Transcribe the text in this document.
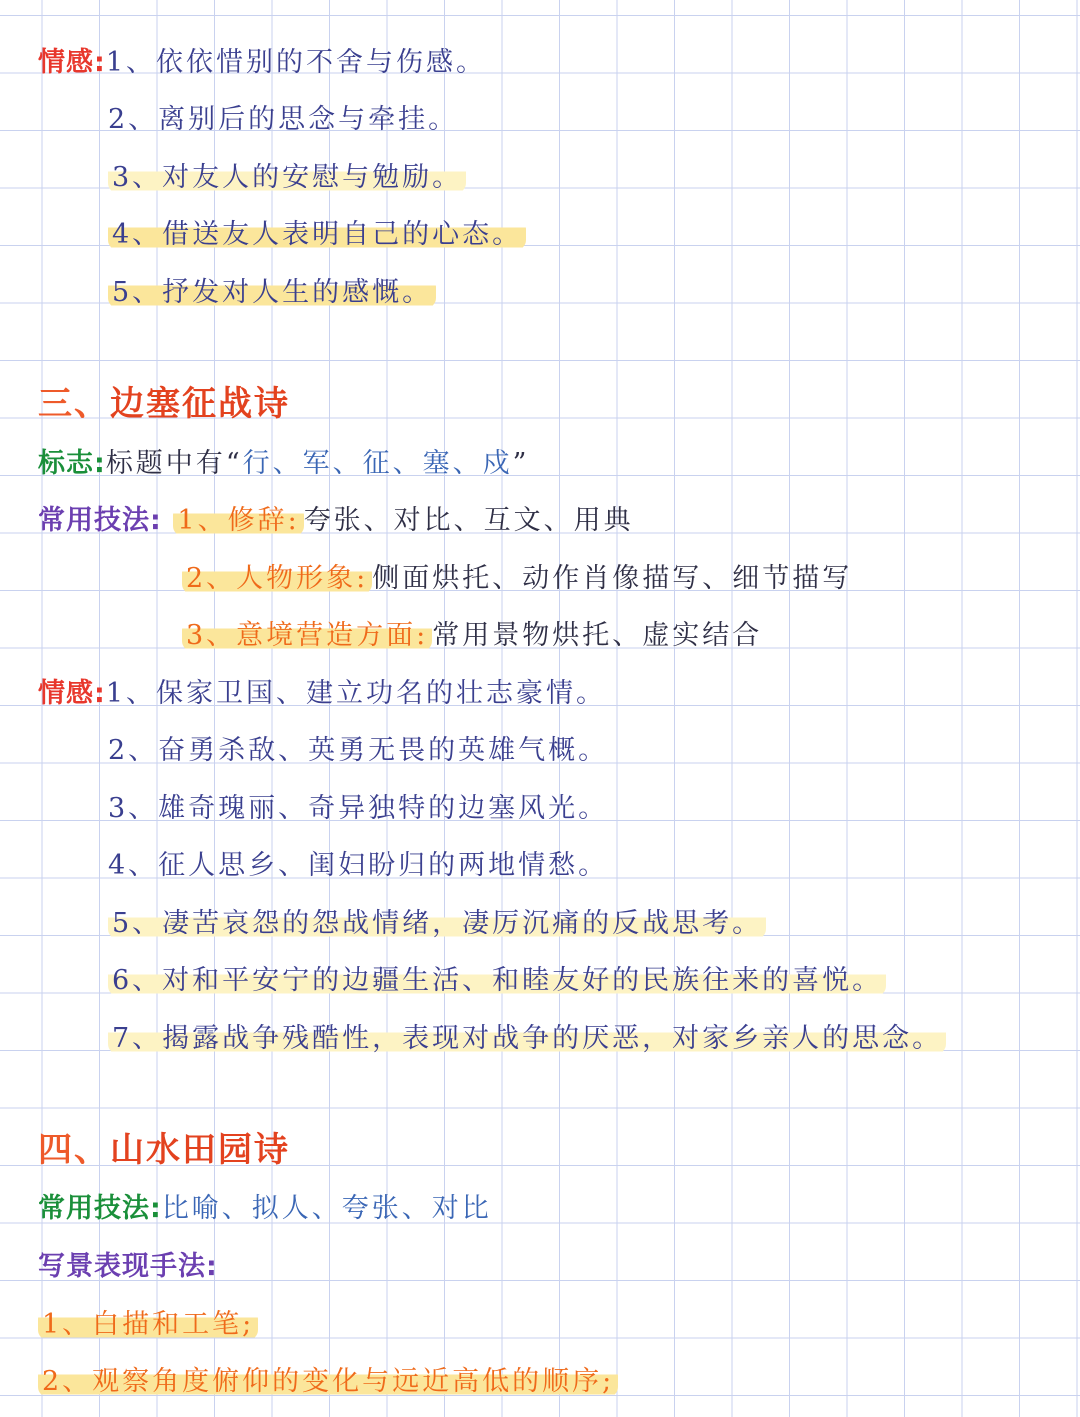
情感:1、依依惜别的不舍与伤感。
2、离别后的思念与牵挂。
3、对友人的安慰与勉励。
4、借送友人表明自己的心态。
5、抒发对人生的感慨。
三、边塞征战诗
标志:标题中有“行、军、征、塞、戍”
常用技法: 1、修辞: 夸张、对比、互文、用典
2、人物形象: 侧面烘托、动作肖像描写、细节描写
3、意境营造方面: 常用景物烘托、虚实结合
情感:1、保家卫国、建立功名的壮志豪情。
2、奋勇杀敌、英勇无畏的英雄气概。
3、雄奇瑰丽、奇异独特的边塞风光。
4、征人思乡、闺妇盼归的两地情愁。
5、凄苦哀怨的怨战情绪，凄厉沉痛的反战思考。
6、对和平安宁的边疆生活、和睦友好的民族往来的喜悦。
7、揭露战争残酷性，表现对战争的厌恶，对家乡亲人的思念。
四、山水田园诗
常用技法:比喻、拟人、夸张、对比
写景表现手法:
1、白描和工笔;
2、观察角度俯仰的变化与远近高低的顺序;
